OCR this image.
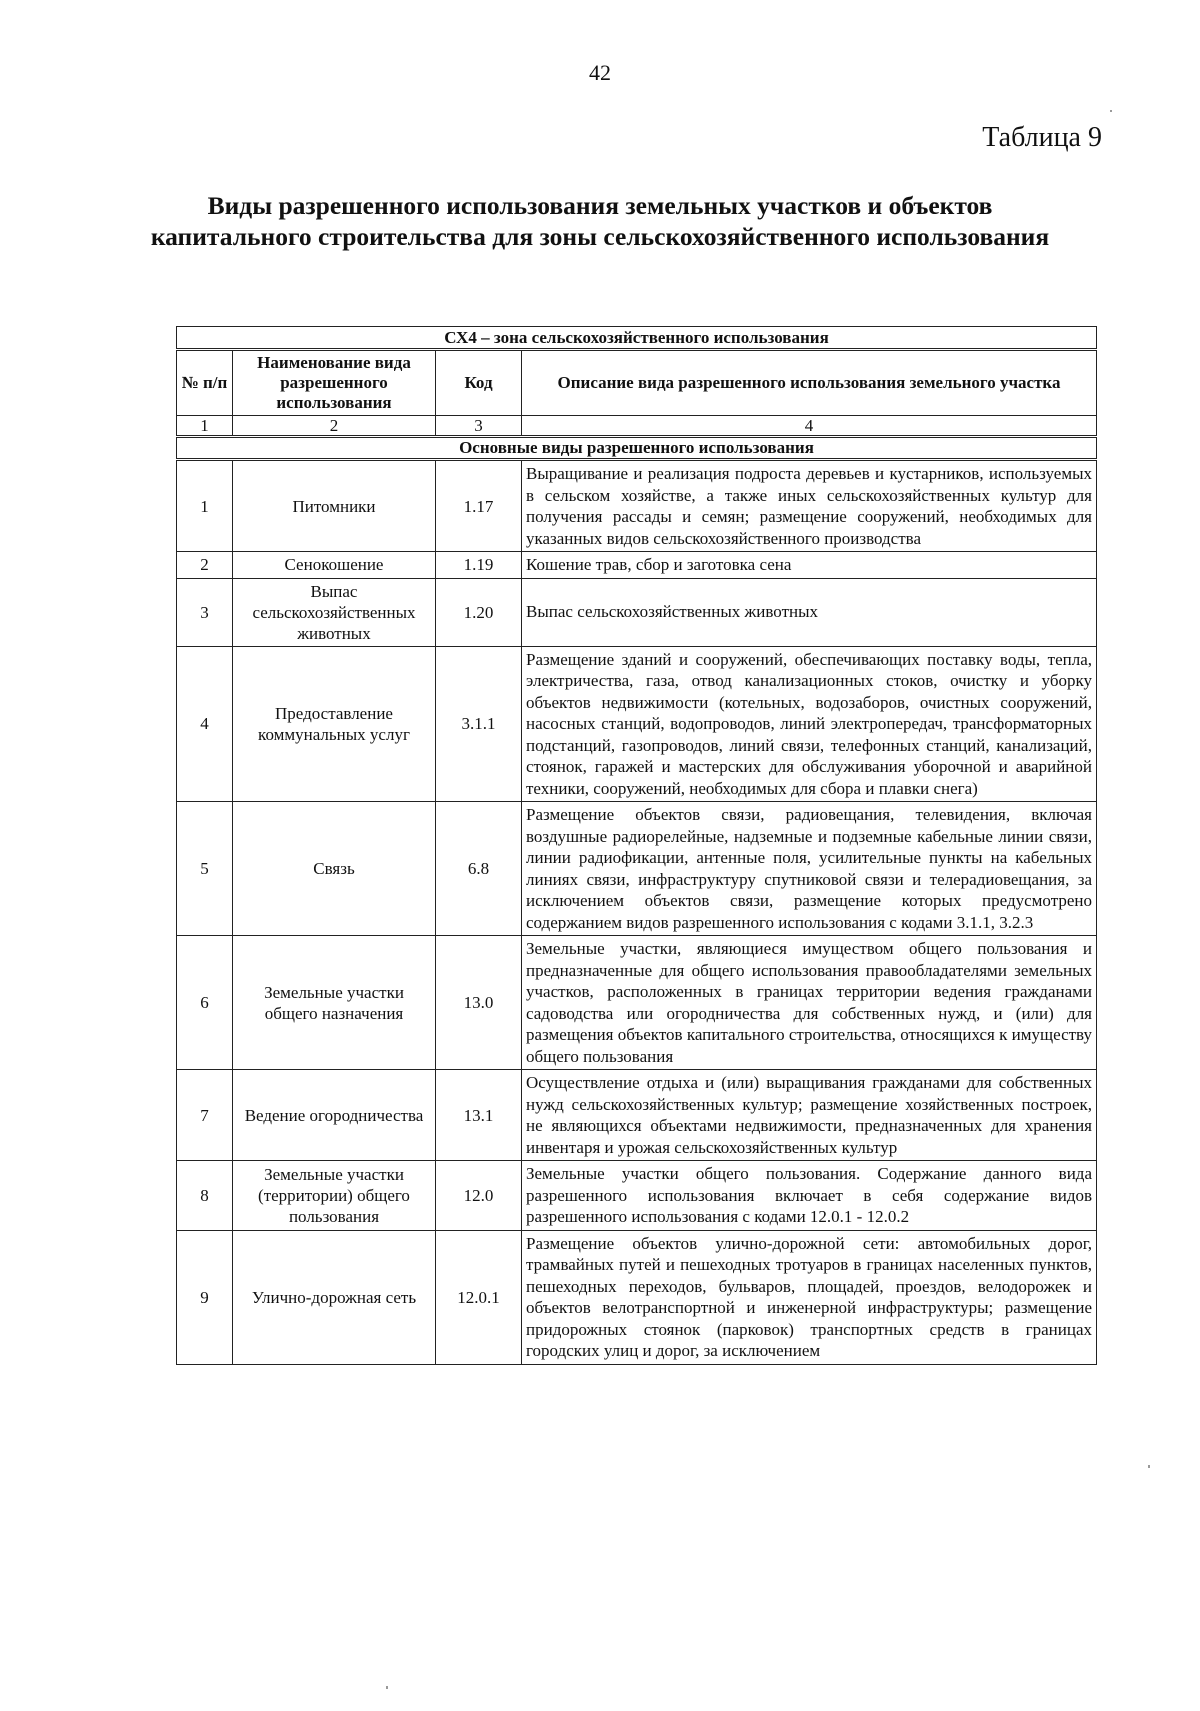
42
Таблица 9
Виды разрешенного использования земельных участков и объектов капитального строительства для зоны сельскохозяйственного использования
СХ4 – зона сельскохозяйственного использования			
№ п/п	Наименование вида разрешенного использования	Код	Описание вида разрешенного использования земельного участка
1	2	3	4
Основные виды разрешенного использования			
1	Питомники	1.17	Выращивание и реализация подроста деревьев и кустарников, используемых в сельском хозяйстве, а также иных сельскохозяйственных культур для получения рассады и семян; размещение сооружений, необходимых для указанных видов сельскохозяйственного производства
2	Сенокошение	1.19	Кошение трав, сбор и заготовка сена
3	Выпас сельскохозяйственных животных	1.20	Выпас сельскохозяйственных животных
4	Предоставление коммунальных услуг	3.1.1	Размещение зданий и сооружений, обеспечивающих поставку воды, тепла, электричества, газа, отвод канализационных стоков, очистку и уборку объектов недвижимости (котельных, водозаборов, очистных сооружений, насосных станций, водопроводов, линий электропередач, трансформаторных подстанций, газопроводов, линий связи, телефонных станций, канализаций, стоянок, гаражей и мастерских для обслуживания уборочной и аварийной техники, сооружений, необходимых для сбора и плавки снега)
5	Связь	6.8	Размещение объектов связи, радиовещания, телевидения, включая воздушные радиорелейные, надземные и подземные кабельные линии связи, линии радиофикации, антенные поля, усилительные пункты на кабельных линиях связи, инфраструктуру спутниковой связи и телерадиовещания, за исключением объектов связи, размещение которых предусмотрено содержанием видов разрешенного использования с кодами 3.1.1, 3.2.3
6	Земельные участки общего назначения	13.0	Земельные участки, являющиеся имуществом общего пользования и предназначенные для общего использования правообладателями земельных участков, расположенных в границах территории ведения гражданами садоводства или огородничества для собственных нужд, и (или) для размещения объектов капитального строительства, относящихся к имуществу общего пользования
7	Ведение огородничества	13.1	Осуществление отдыха и (или) выращивания гражданами для собственных нужд сельскохозяйственных культур; размещение хозяйственных построек, не являющихся объектами недвижимости, предназначенных для хранения инвентаря и урожая сельскохозяйственных культур
8	Земельные участки (территории) общего пользования	12.0	Земельные участки общего пользования. Содержание данного вида разрешенного использования включает в себя содержание видов разрешенного использования с кодами 12.0.1 - 12.0.2
9	Улично-дорожная сеть	12.0.1	Размещение объектов улично-дорожной сети: автомобильных дорог, трамвайных путей и пешеходных тротуаров в границах населенных пунктов, пешеходных переходов, бульваров, площадей, проездов, велодорожек и объектов велотранспортной и инженерной инфраструктуры; размещение придорожных стоянок (парковок) транспортных средств в границах городских улиц и дорог, за исключением
